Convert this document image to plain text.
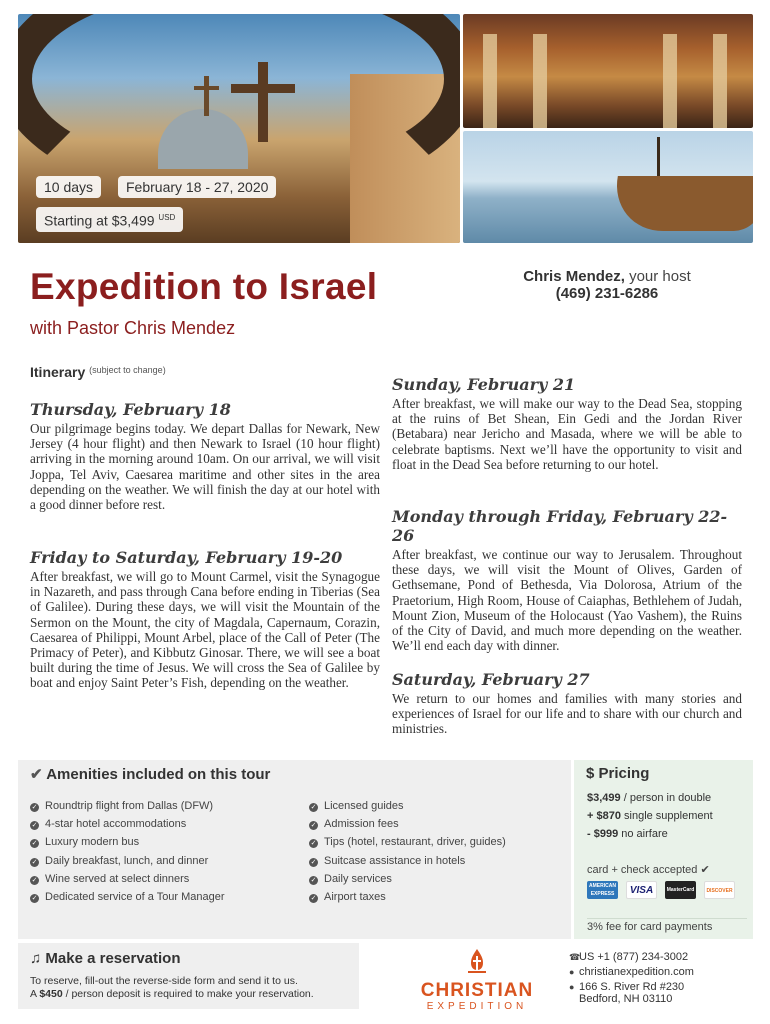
10 days	February 18 - 27, 2020
Starting at $3,499 $^{USD}$
Expedition to Israel
with Pastor Chris Mendez
Chris Mendez, your host
(469) 231-6286
Itinerary $^{(subject to change)}$
Thursday, February 18

Our pilgrimage begins today. We depart Dallas for Newark, New Jersey (4 hour flight) and then Newark to Israel (10 hour flight) arriving in the morning around 10am. On our arrival, we will visit Joppa, Tel Aviv, Caesarea maritime and other sites in the area depending on the weather. We will finish the day at our hotel with a good dinner before rest.

Friday to Saturday, February 19-20

After breakfast, we will go to Mount Carmel, visit the Synagogue in Nazareth, and pass through Cana before ending in Tiberias (Sea of Galilee). During these days, we will visit the Mountain of the Sermon on the Mount, the city of Magdala, Capernaum, Corazin, Caesarea of Philippi, Mount Arbel, place of the Call of Peter (The Primacy of Peter), and Kibbutz Ginosar. There, we will see a boat built during the time of Jesus. We will cross the Sea of Galilee by boat and enjoy Saint Peter’s Fish, depending on the weather.

Sunday, February 21

After breakfast, we will make our way to the Dead Sea, stopping at the ruins of Bet Shean, Ein Gedi and the Jordan River (Betabara) near Jericho and Masada, where we will be able to celebrate baptisms. Next we’ll have the opportunity to visit and float in the Dead Sea before returning to our hotel.

Monday through Friday, February 22-26

After breakfast, we continue our way to Jerusalem. Throughout these days, we will visit the Mount of Olives, Garden of Gethsemane, Pond of Bethesda, Via Dolorosa, Atrium of the Praetorium, High Room, House of Caiaphas, Bethlehem of Judah, Mount Zion, Museum of the Holocaust (Yao Vashem), the Ruins of the City of David, and much more depending on the weather. We’ll end each day with dinner.

Saturday, February 27

We return to our homes and families with many stories and experiences of Israel for our life and to share with our church and ministries.

✔ Amenities included on this tour
✓ Roundtrip flight from Dallas (DFW)
✓ 4-star hotel accommodations
✓ Luxury modern bus
✓ Daily breakfast, lunch, and dinner
✓ Wine served at select dinners
✓ Dedicated service of a Tour Manager
✓ Licensed guides
✓ Admission fees
✓ Tips (hotel, restaurant, driver, guides)
✓ Suitcase assistance in hotels
✓ Daily services
✓ Airport taxes
$ Pricing
$3,499 / person in double
+ $870 single supplement
- $999 no airfare
card + check accepted ✔
AMERICAN EXPRESS	VISA	MasterCard	DISCOVER
3% fee for card payments
♫ Make a reservation
To reserve, fill-out the reverse-side form and send it to us.
A $450 / person deposit is required to make your reservation.	CHRISTIAN
EXPEDITION
☎US +1 (877) 234-3002
● christianexpedition.com
● 166 S. River Rd #230
Bedford, NH 03110
